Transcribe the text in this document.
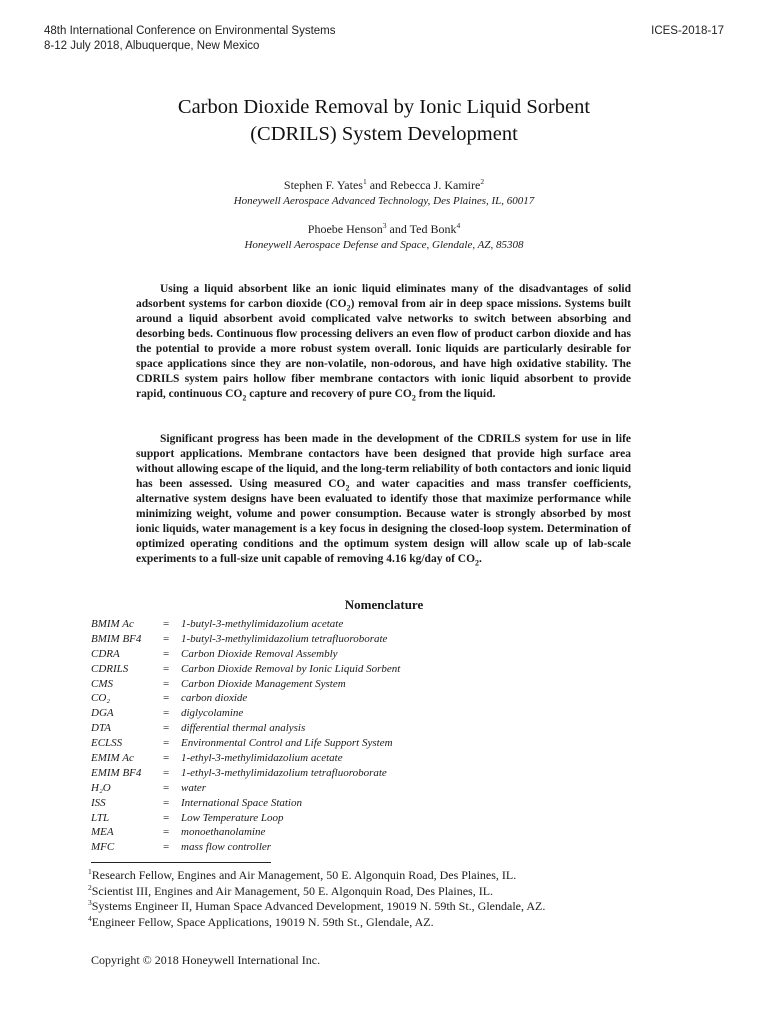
48th International Conference on Environmental Systems
8-12 July 2018, Albuquerque, New Mexico
ICES-2018-17
Carbon Dioxide Removal by Ionic Liquid Sorbent
(CDRILS) System Development
Stephen F. Yates$^1$ and Rebecca J. Kamire$^2$
Honeywell Aerospace Advanced Technology, Des Plaines, IL, 60017
Phoebe Henson$^3$ and Ted Bonk$^4$
Honeywell Aerospace Defense and Space, Glendale, AZ, 85308

Using a liquid absorbent like an ionic liquid eliminates many of the disadvantages of solid adsorbent systems for carbon dioxide $(CO_2)$ removal from air in deep space missions. Systems built around a liquid absorbent avoid complicated valve networks to switch between absorbing and desorbing beds. Continuous flow processing delivers an even flow of product carbon dioxide and has the potential to provide a more robust system overall. Ionic liquids are particularly desirable for space applications since they are non-volatile, non-odorous, and have high oxidative stability. The CDRILS system pairs hollow fiber membrane contactors with ionic liquid absorbent to provide rapid, continuous $CO_2$ capture and recovery of pure $CO_2$ from the liquid.

Significant progress has been made in the development of the CDRILS system for use in life support applications. Membrane contactors have been designed that provide high surface area without allowing escape of the liquid, and the long-term reliability of both contactors and ionic liquid has been assessed. Using measured $CO_2$ and water capacities and mass transfer coefficients, alternative system designs have been evaluated to identify those that maximize performance while minimizing weight, volume and power consumption. Because water is strongly absorbed by most ionic liquids, water management is a key focus in designing the closed-loop system. Determination of optimized operating conditions and the optimum system design will allow scale up of lab-scale experiments to a full-size unit capable of removing 4.16 kg/day of $CO_2$.

Nomenclature
BMIM Ac	= 1-butyl-3-methylimidazolium acetate
BMIM BF4 = 1-butyl-3-methylimidazolium tetrafluoroborate
CDRA	= Carbon Dioxide Removal Assembly
CDRILS	= Carbon Dioxide Removal by Ionic Liquid Sorbent
CMS	= Carbon Dioxide Management System
CO₂	= carbon dioxide
DGA	= diglycolamine
DTA	= differential thermal analysis
ECLSS	= Environmental Control and Life Support System
EMIM Ac	= 1-ethyl-3-methylimidazolium acetate
EMIM BF4 = 1-ethyl-3-methylimidazolium tetrafluoroborate
H₂O	= water
ISS	= International Space Station
LTL	= Low Temperature Loop
MEA	= monoethanolamine
MFC	= mass flow controller
$^1$Research Fellow, Engines and Air Management, 50 E. Algonquin Road, Des Plaines, IL.
$^2$Scientist III, Engines and Air Management, 50 E. Algonquin Road, Des Plaines, IL.
$^3$Systems Engineer II, Human Space Advanced Development, 19019 N. 59th St., Glendale, AZ.
$^4$Engineer Fellow, Space Applications, 19019 N. 59th St., Glendale, AZ.
Copyright © 2018 Honeywell International Inc.
